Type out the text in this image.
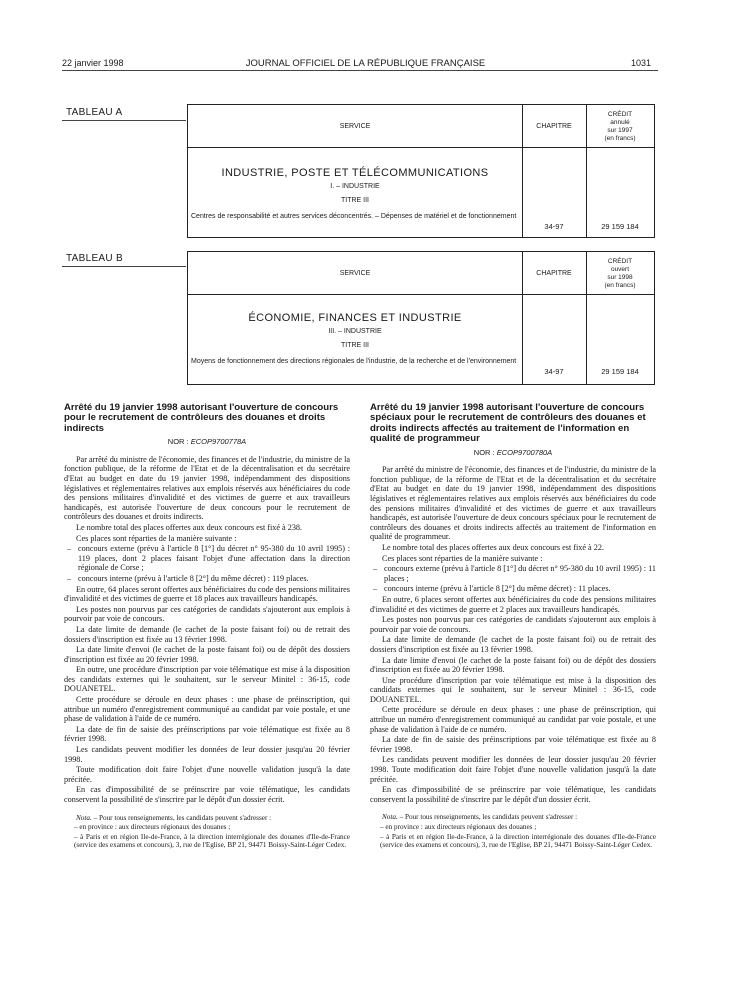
22 janvier 1998	JOURNAL OFFICIEL DE LA RÉPUBLIQUE FRANÇAISE	1031
TABLEAU A
SERVICE	CHAPITRE
CRÉDIT
annulé
sur 1997
(en francs)
INDUSTRIE, POSTE ET TÉLÉCOMMUNICATIONS
I. – INDUSTRIE
TITRE III
Centres de responsabilité et autres services déconcentrés. – Dépenses de matériel et de fonctionnement
34-97	29 159 184
TABLEAU B
SERVICE	CHAPITRE
CRÉDIT
ouvert
sur 1998
(en francs)
ÉCONOMIE, FINANCES ET INDUSTRIE
III. – INDUSTRIE
TITRE III
Moyens de fonctionnement des directions régionales de l'industrie, de la recherche et de l'environnement
34-97	29 159 184
Arrêté du 19 janvier 1998 autorisant l'ouverture de concours pour le recrutement de contrôleurs des douanes et droits indirects
NOR : ECOP9700778A

Par arrêté du ministre de l'économie, des finances et de l'industrie, du ministre de la fonction publique, de la réforme de l'Etat et de la décentralisation et du secrétaire d'Etat au budget en date du 19 janvier 1998, indépendamment des dispositions législatives et réglementaires relatives aux emplois réservés aux bénéficiaires du code des pensions militaires d'invalidité et des victimes de guerre et aux travailleurs handicapés, est autorisée l'ouverture de deux concours pour le recrutement de contrôleurs des douanes et droits indirects.

Le nombre total des places offertes aux deux concours est fixé à 238.

Ces places sont réparties de la manière suivante :

– concours externe (prévu à l'article 8 [1°] du décret n° 95-380 du 10 avril 1995) : 119 places, dont 2 places faisant l'objet d'une affectation dans la direction régionale de Corse ;

– concours interne (prévu à l'article 8 [2°] du même décret) : 119 places.

En outre, 64 places seront offertes aux bénéficiaires du code des pensions militaires d'invalidité et des victimes de guerre et 18 places aux travailleurs handicapés.

Les postes non pourvus par ces catégories de candidats s'ajouteront aux emplois à pourvoir par voie de concours.

La date limite de demande (le cachet de la poste faisant foi) ou de retrait des dossiers d'inscription est fixée au 13 février 1998.

La date limite d'envoi (le cachet de la poste faisant foi) ou de dépôt des dossiers d'inscription est fixée au 20 février 1998.

En outre, une procédure d'inscription par voie télématique est mise à la disposition des candidats externes qui le souhaitent, sur le serveur Minitel : 36-15, code DOUANETEL.

Cette procédure se déroule en deux phases : une phase de préinscription, qui attribue un numéro d'enregistrement communiqué au candidat par voie postale, et une phase de validation à l'aide de ce numéro.

La date de fin de saisie des préinscriptions par voie télématique est fixée au 8 février 1998.

Les candidats peuvent modifier les données de leur dossier jusqu'au 20 février 1998.

Toute modification doit faire l'objet d'une nouvelle validation jusqu'à la date précitée.

En cas d'impossibilité de se préinscrire par voie télématique, les candidats conservent la possibilité de s'inscrire par le dépôt d'un dossier écrit.

Nota. – Pour tous renseignements, les candidats peuvent s'adresser :

– en province : aux directeurs régionaux des douanes ;

– à Paris et en région Ile-de-France, à la direction interrégionale des douanes d'Ile-de-France (service des examens et concours), 3, rue de l'Eglise, BP 21, 94471 Boissy-Saint-Léger Cedex.

Arrêté du 19 janvier 1998 autorisant l'ouverture de concours spéciaux pour le recrutement de contrôleurs des douanes et droits indirects affectés au traitement de l'information en qualité de programmeur
NOR : ECOP9700780A

Par arrêté du ministre de l'économie, des finances et de l'industrie, du ministre de la fonction publique, de la réforme de l'Etat et de la décentralisation et du secrétaire d'Etat au budget en date du 19 janvier 1998, indépendamment des dispositions législatives et réglementaires relatives aux emplois réservés aux bénéficiaires du code des pensions militaires d'invalidité et des victimes de guerre et aux travailleurs handicapés, est autorisée l'ouverture de deux concours spéciaux pour le recrutement de contrôleurs des douanes et droits indirects affectés au traitement de l'information en qualité de programmeur.

Le nombre total des places offertes aux deux concours est fixé à 22.

Ces places sont réparties de la manière suivante :

– concours externe (prévu à l'article 8 [1°] du décret n° 95-380 du 10 avril 1995) : 11 places ;

– concours interne (prévu à l'article 8 [2°] du même décret) : 11 places.

En outre, 6 places seront offertes aux bénéficiaires du code des pensions militaires d'invalidité et des victimes de guerre et 2 places aux travailleurs handicapés.

Les postes non pourvus par ces catégories de candidats s'ajouteront aux emplois à pourvoir par voie de concours.

La date limite de demande (le cachet de la poste faisant foi) ou de retrait des dossiers d'inscription est fixée au 13 février 1998.

La date limite d'envoi (le cachet de la poste faisant foi) ou de dépôt des dossiers d'inscription est fixée au 20 février 1998.

Une procédure d'inscription par voie télématique est mise à la disposition des candidats externes qui le souhaitent, sur le serveur Minitel : 36-15, code DOUANETEL.

Cette procédure se déroule en deux phases : une phase de préinscription, qui attribue un numéro d'enregistrement communiqué au candidat par voie postale, et une phase de validation à l'aide de ce numéro.

La date de fin de saisie des préinscriptions par voie télématique est fixée au 8 février 1998.

Les candidats peuvent modifier les données de leur dossier jusqu'au 20 février 1998. Toute modification doit faire l'objet d'une nouvelle validation jusqu'à la date précitée.

En cas d'impossibilité de se préinscrire par voie télématique, les candidats conservent la possibilité de s'inscrire par le dépôt d'un dossier écrit.

Nota. – Pour tous renseignements, les candidats peuvent s'adresser :

– en province : aux directeurs régionaux des douanes ;

– à Paris et en région Ile-de-France, à la direction interrégionale des douanes d'Ile-de-France (service des examens et concours), 3, rue de l'Eglise, BP 21, 94471 Boissy-Saint-Léger Cedex.
